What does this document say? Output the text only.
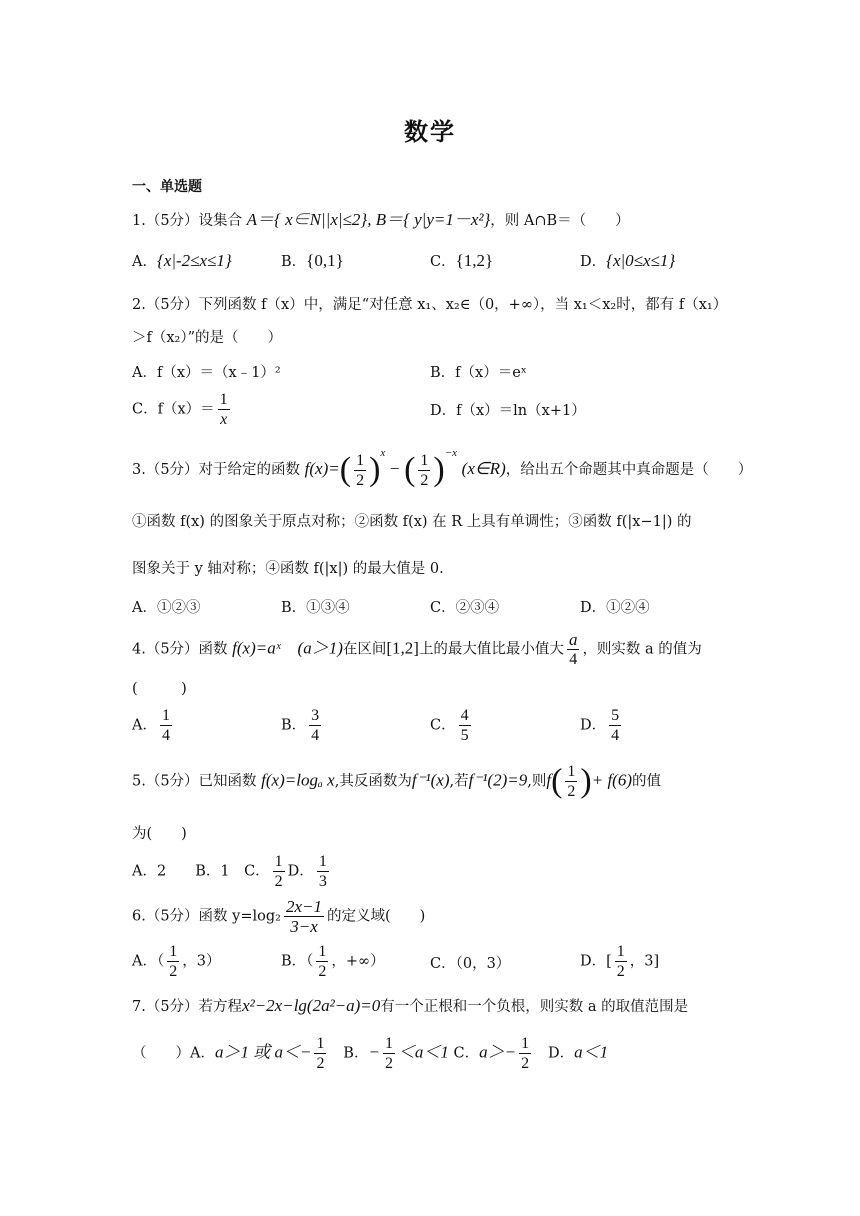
数学
一、单选题
1.（5分）设集合 A＝{ x∈N||x|≤2}, B＝{ y|y=1－x²}，则 A∩B＝（　　）
A．{x|-2≤x≤1}	B．{0,1}	C．{1,2}	D．{x|0≤x≤1}
2.（5分）下列函数 f（x）中，满足“对任意 x₁、x₂∈（0，+∞），当 x₁＜x₂时，都有 f（x₁）
＞f（x₂）”的是（　　）
A．f（x）＝（x﹣1）²	B．f（x）＝eˣ
C．$f(x)= \frac{1}{x}$	D．f（x）＝ln（x+1）
3.（5分）对于给定的函数 $f(x)=( \frac{1}{2} )^x$ − ( $\frac{1}{2} )^{-x}$ (x∈R)，给出五个命题其中真命题是（　　）
①函数 f(x) 的图象关于原点对称；②函数 f(x) 在 R 上具有单调性；③函数 f(|x−1|) 的
图象关于 y 轴对称；④函数 f(|x|) 的最大值是 0.
A．①②③	B．①③④	C．②③④	D．①②④
4.（5分）函数 f(x)=aˣ　(a＞1)在区间[1,2]上的最大值比最小值大 $\frac{a}{4}$ ，则实数 a 的值为
(　　　)
A． $\frac{1}{4}$	B． $\frac{3}{4}$	C． $\frac{4}{5}$	D． $\frac{5}{4}$
5.（5分）已知函数 f(x)=logₐ x,其反函数为f⁻¹(x),若f⁻¹(2)=9,则$f( \frac{1}{2}$ )+ f(6)的值
为(　　)
A．2　　B．1　C． $\frac{1}{2}$ D． $\frac{1}{3}$
6.（5分）函数 $y=\log_2 \frac{2x-1}{3-x}$ 的定义域(　　)
A．（ $\frac{1}{2}$ ，3）	B．（ $\frac{1}{2}$ ，+∞）	C．（0，3）	D．[ $\frac{1}{2}$ ，3]
7.（5分）若方程x²−2x−lg(2a²−a)=0有一个正根和一个负根，则实数 a 的取值范围是
（　　）A．a＞1 或 $a<- \frac{1}{2}$ B．− $\frac{1}{2} <a<1$ C．$a>- \frac{1}{2}$ D．a＜1
